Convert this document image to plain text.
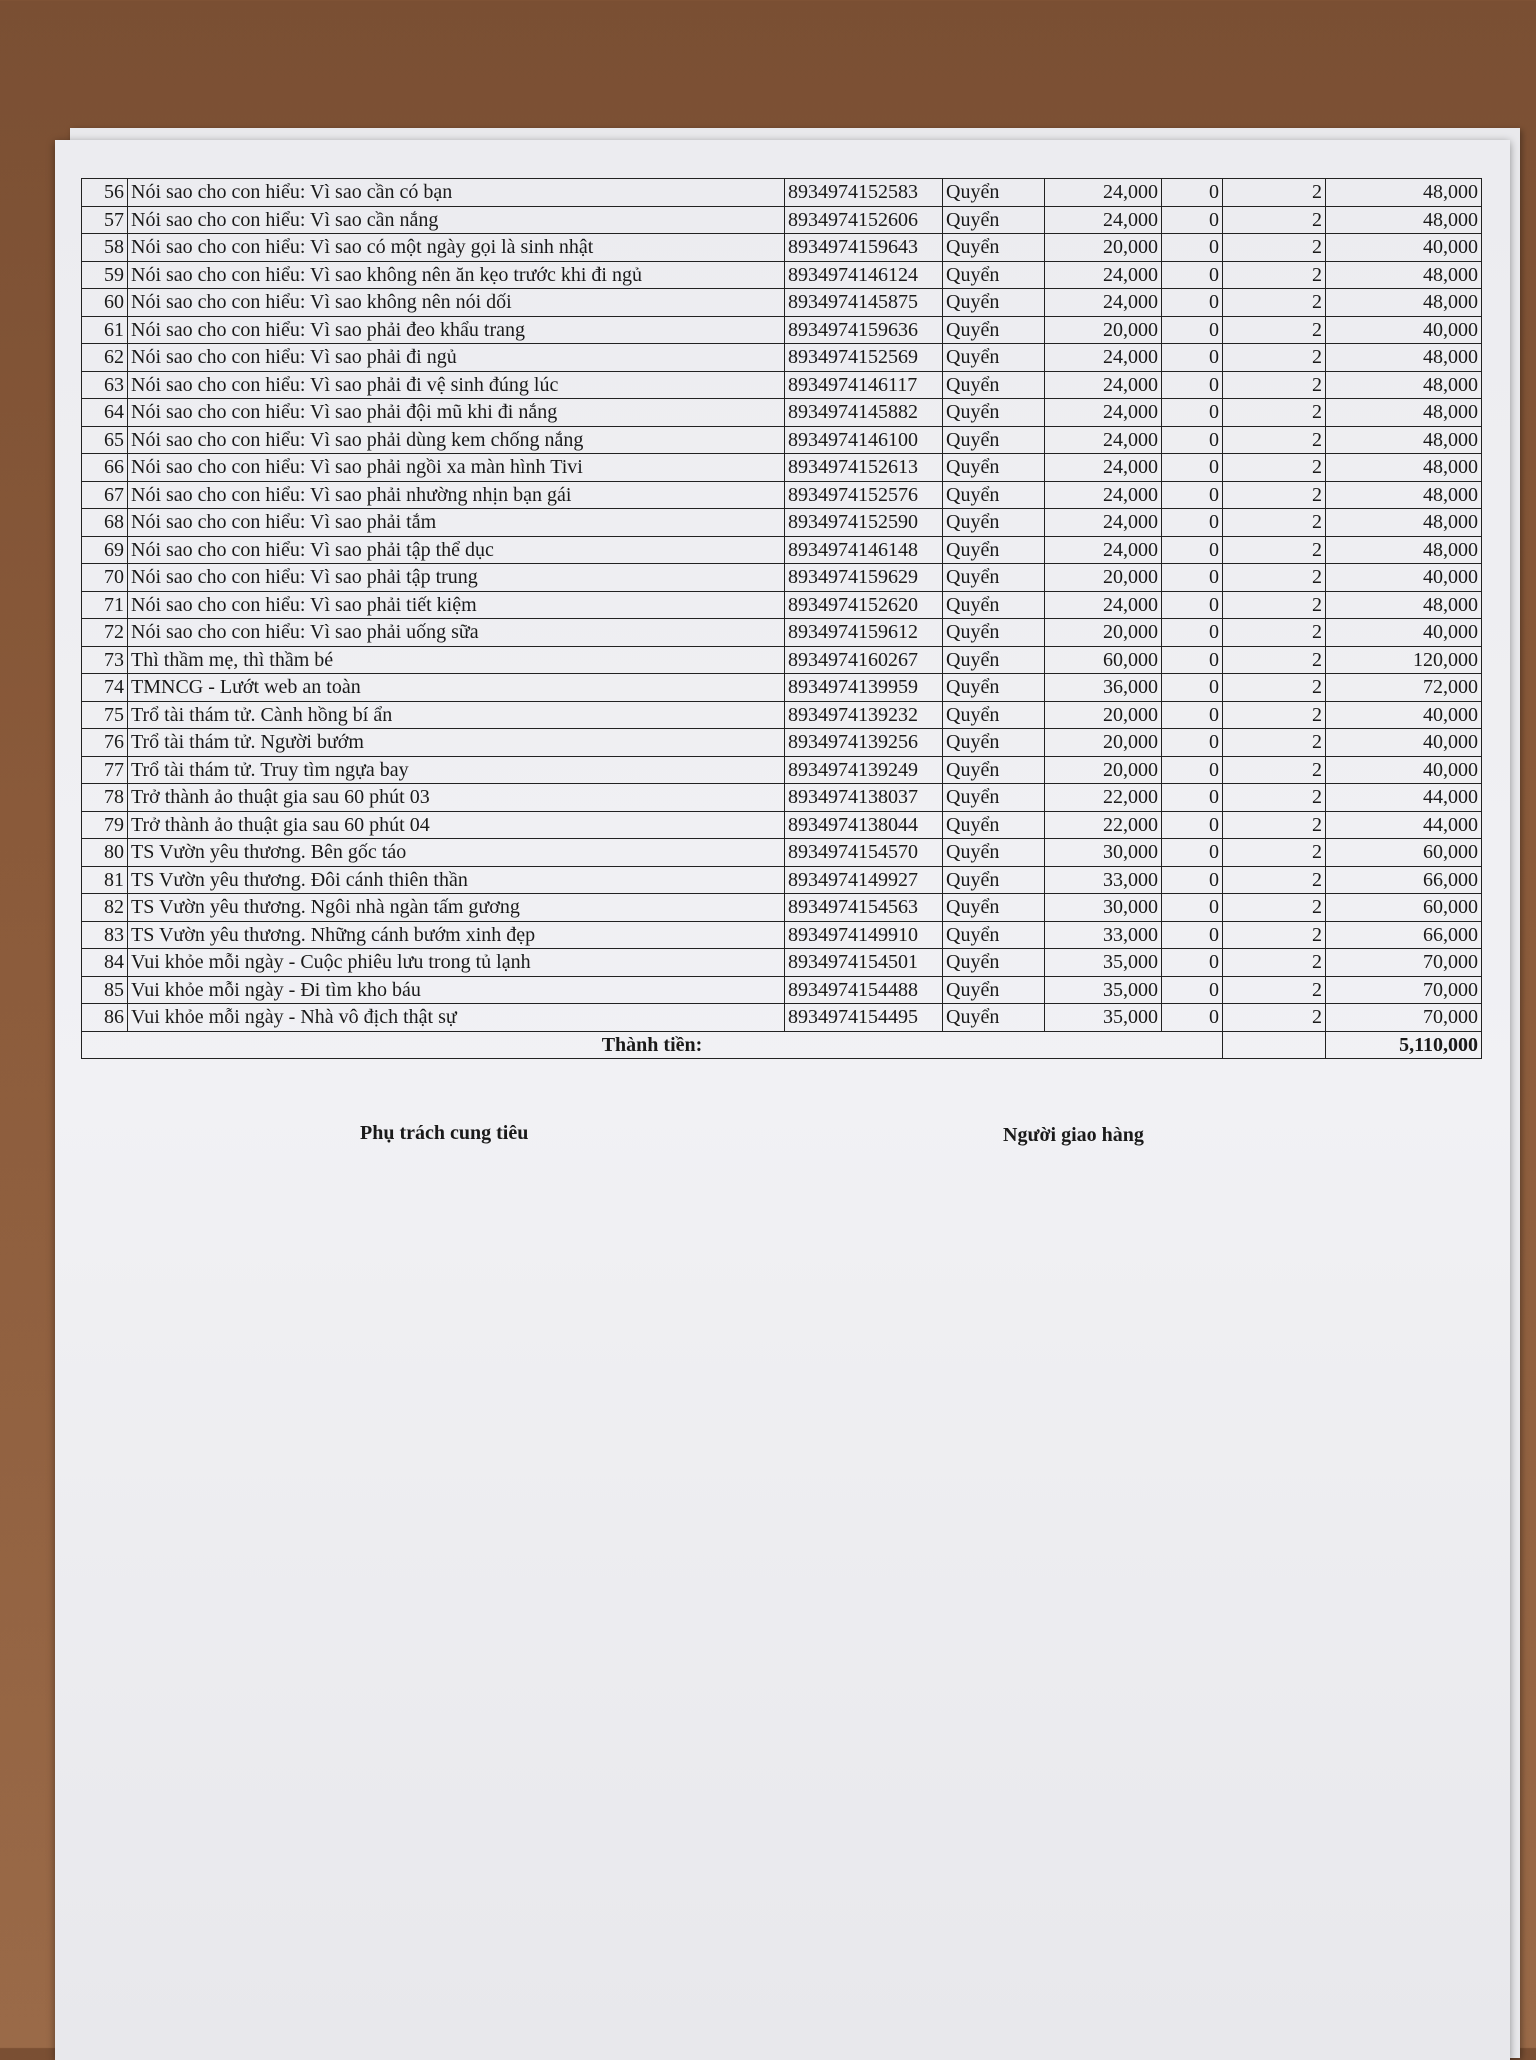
56	Nói sao cho con hiểu: Vì sao cần có bạn	8934974152583	Quyển	24,000	0	2	48,000
57	Nói sao cho con hiểu: Vì sao cần nắng	8934974152606	Quyển	24,000	0	2	48,000
58	Nói sao cho con hiểu: Vì sao có một ngày gọi là sinh nhật	8934974159643	Quyển	20,000	0	2	40,000
59	Nói sao cho con hiểu: Vì sao không nên ăn kẹo trước khi đi ngủ	8934974146124	Quyển	24,000	0	2	48,000
60	Nói sao cho con hiểu: Vì sao không nên nói dối	8934974145875	Quyển	24,000	0	2	48,000
61	Nói sao cho con hiểu: Vì sao phải đeo khẩu trang	8934974159636	Quyển	20,000	0	2	40,000
62	Nói sao cho con hiểu: Vì sao phải đi ngủ	8934974152569	Quyển	24,000	0	2	48,000
63	Nói sao cho con hiểu: Vì sao phải đi vệ sinh đúng lúc	8934974146117	Quyển	24,000	0	2	48,000
64	Nói sao cho con hiểu: Vì sao phải đội mũ khi đi nắng	8934974145882	Quyển	24,000	0	2	48,000
65	Nói sao cho con hiểu: Vì sao phải dùng kem chống nắng	8934974146100	Quyển	24,000	0	2	48,000
66	Nói sao cho con hiểu: Vì sao phải ngồi xa màn hình Tivi	8934974152613	Quyển	24,000	0	2	48,000
67	Nói sao cho con hiểu: Vì sao phải nhường nhịn bạn gái	8934974152576	Quyển	24,000	0	2	48,000
68	Nói sao cho con hiểu: Vì sao phải tắm	8934974152590	Quyển	24,000	0	2	48,000
69	Nói sao cho con hiểu: Vì sao phải tập thể dục	8934974146148	Quyển	24,000	0	2	48,000
70	Nói sao cho con hiểu: Vì sao phải tập trung	8934974159629	Quyển	20,000	0	2	40,000
71	Nói sao cho con hiểu: Vì sao phải tiết kiệm	8934974152620	Quyển	24,000	0	2	48,000
72	Nói sao cho con hiểu: Vì sao phải uống sữa	8934974159612	Quyển	20,000	0	2	40,000
73	Thì thầm mẹ, thì thầm bé	8934974160267	Quyển	60,000	0	2	120,000
74	TMNCG - Lướt web an toàn	8934974139959	Quyển	36,000	0	2	72,000
75	Trổ tài thám tử. Cành hồng bí ẩn	8934974139232	Quyển	20,000	0	2	40,000
76	Trổ tài thám tử. Người bướm	8934974139256	Quyển	20,000	0	2	40,000
77	Trổ tài thám tử. Truy tìm ngựa bay	8934974139249	Quyển	20,000	0	2	40,000
78	Trở thành ảo thuật gia sau 60 phút 03	8934974138037	Quyển	22,000	0	2	44,000
79	Trở thành ảo thuật gia sau 60 phút 04	8934974138044	Quyển	22,000	0	2	44,000
80	TS Vườn yêu thương. Bên gốc táo	8934974154570	Quyển	30,000	0	2	60,000
81	TS Vườn yêu thương. Đôi cánh thiên thần	8934974149927	Quyển	33,000	0	2	66,000
82	TS Vườn yêu thương. Ngôi nhà ngàn tấm gương	8934974154563	Quyển	30,000	0	2	60,000
83	TS Vườn yêu thương. Những cánh bướm xinh đẹp	8934974149910	Quyển	33,000	0	2	66,000
84	Vui khỏe mỗi ngày - Cuộc phiêu lưu trong tủ lạnh	8934974154501	Quyển	35,000	0	2	70,000
85	Vui khỏe mỗi ngày - Đi tìm kho báu	8934974154488	Quyển	35,000	0	2	70,000
86	Vui khỏe mỗi ngày - Nhà vô địch thật sự	8934974154495	Quyển	35,000	0	2	70,000
Thành tiền:							5,110,000
Phụ trách cung tiêu	Người giao hàng
